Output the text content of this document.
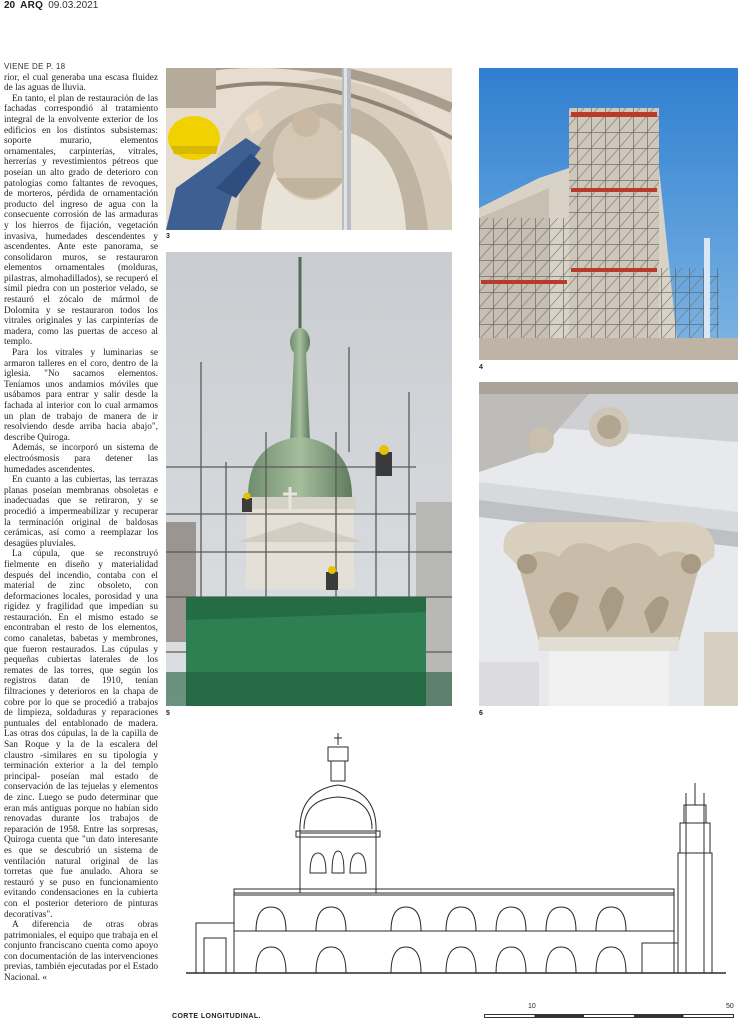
20 ARQ 09.03.2021
VIENE DE P. 18

rior, el cual generaba una escasa fluidez de las aguas de lluvia.

En tanto, el plan de restauración de las fachadas correspondió al tratamiento integral de la envolvente exterior de los edificios en los distintos subsistemas: soporte murario, elementos ornamentales, carpinterías, vitrales, herrerías y revestimientos pétreos que poseían un alto grado de deterioro con patologías como faltantes de revoques, de morteros, pérdida de ornamentación producto del ingreso de agua con la consecuente corrosión de las armaduras y los hierros de fijación, vegetación invasiva, humedades descendentes y ascendentes. Ante este panorama, se consolidaron muros, se restauraron elementos ornamentales (molduras, pilastras, almohadillados), se recuperó el símil piedra con un posterior velado, se restauró el zócalo de mármol de Dolomita y se restauraron todos los vitrales originales y las carpinterías de madera, como las puertas de acceso al templo.

Para los vitrales y luminarias se armaron talleres en el coro, dentro de la iglesia. "No sacamos elementos. Teníamos unos andamios móviles que usábamos para entrar y salir desde la fachada al interior con lo cual armamos un plan de trabajo de manera de ir resolviendo desde arriba hacia abajo", describe Quiroga.

Además, se incorporó un sistema de electroósmosis para detener las humedades ascendentes.

En cuanto a las cubiertas, las terrazas planas poseían membranas obsoletas e inadecuadas que se retiraron, y se procedió a impermeabilizar y recuperar la terminación original de baldosas cerámicas, así como a reemplazar los desagües pluviales.

La cúpula, que se reconstruyó fielmente en diseño y materialidad después del incendio, contaba con el material de zinc obsoleto, con deformaciones locales, porosidad y una rigidez y fragilidad que impedían su restauración. En el mismo estado se encontraban el resto de los elementos, como canaletas, babetas y membrones, que fueron restaurados. Las cúpulas y pequeñas cubiertas laterales de los remates de las torres, que según los registros datan de 1910, tenían filtraciones y deterioros en la chapa de cobre por lo que se procedió a trabajos de limpieza, soldaduras y reparaciones puntuales del entablonado de madera. Las otras dos cúpulas, la de la capilla de San Roque y la de la escalera del claustro -similares en su tipología y terminación exterior a la del templo principal- poseían mal estado de conservación de las tejuelas y elementos de zinc. Luego se pudo determinar que eran más antiguas porque no habían sido renovadas durante los trabajos de reparación de 1958. Entre las sorpresas, Quiroga cuenta que "un dato interesante es que se descubrió un sistema de ventilación natural original de las torretas que fue anulado. Ahora se restauró y se puso en funcionamiento evitando condensaciones en la cubierta con el posterior deterioro de pinturas decorativas".

A diferencia de otras obras patrimoniales, el equipo que trabaja en el conjunto franciscano cuenta como apoyo con documentación de las intervenciones previas, también ejecutadas por el Estado Nacional. «

3
4
5	6
CORTE LONGITUDINAL.
10	50
